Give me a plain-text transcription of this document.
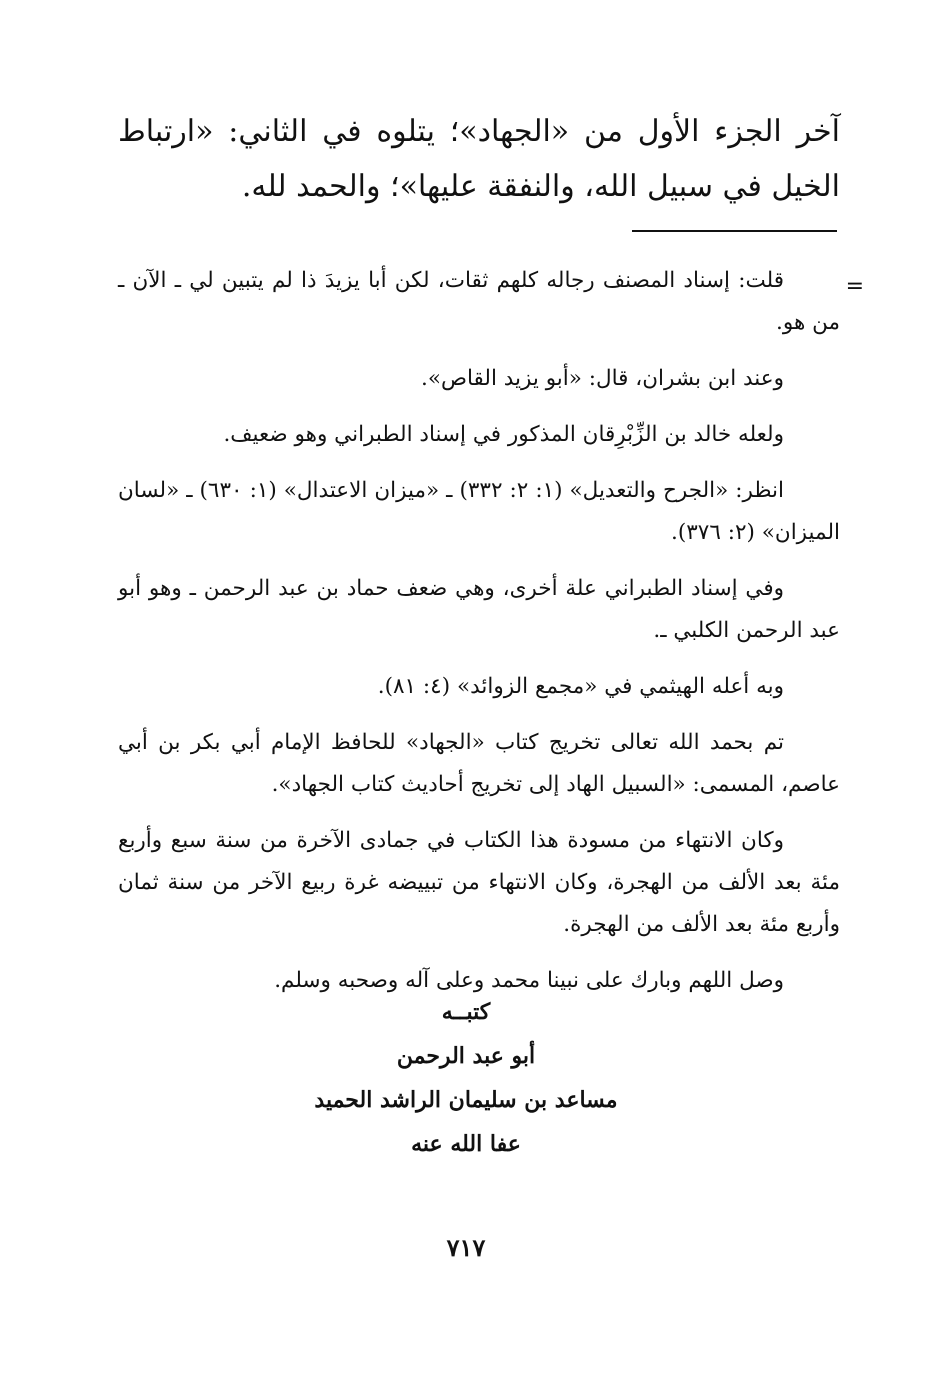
آخر الجزء الأول من «الجهاد»؛ يتلوه في الثاني: «ارتباط الخيل في سبيل الله، والنفقة عليها»؛ والحمد لله.
=

قلت: إسناد المصنف رجاله كلهم ثقات، لكن أبا يزيدَ ذا لم يتبين لي ـ الآن ـ من هو.

وعند ابن بشران، قال: «أبو يزيد القاص».

ولعله خالد بن الزِّبْرِقان المذكور في إسناد الطبراني وهو ضعيف.

انظر: «الجرح والتعديل» (١: ٢: ٣٣٢) ـ «ميزان الاعتدال» (١: ٦٣٠) ـ «لسان الميزان» (٢: ٣٧٦).

وفي إسناد الطبراني علة أخرى، وهي ضعف حماد بن عبد الرحمن ـ وهو أبو عبد الرحمن الكلبي ـ.

وبه أعله الهيثمي في «مجمع الزوائد» (٤: ٨١).

تم بحمد الله تعالى تخريج كتاب «الجهاد» للحافظ الإمام أبي بكر بن أبي عاصم، المسمى: «السبيل الهاد إلى تخريج أحاديث كتاب الجهاد».

وكان الانتهاء من مسودة هذا الكتاب في جمادى الآخرة من سنة سبع وأربع مئة بعد الألف من الهجرة، وكان الانتهاء من تبييضه غرة ربيع الآخر من سنة ثمان وأربع مئة بعد الألف من الهجرة.

وصل اللهم وبارك على نبينا محمد وعلى آله وصحبه وسلم.

كتبــه
أبو عبد الرحمن
مساعد بن سليمان الراشد الحميد
عفا الله عنه
٧١٧
